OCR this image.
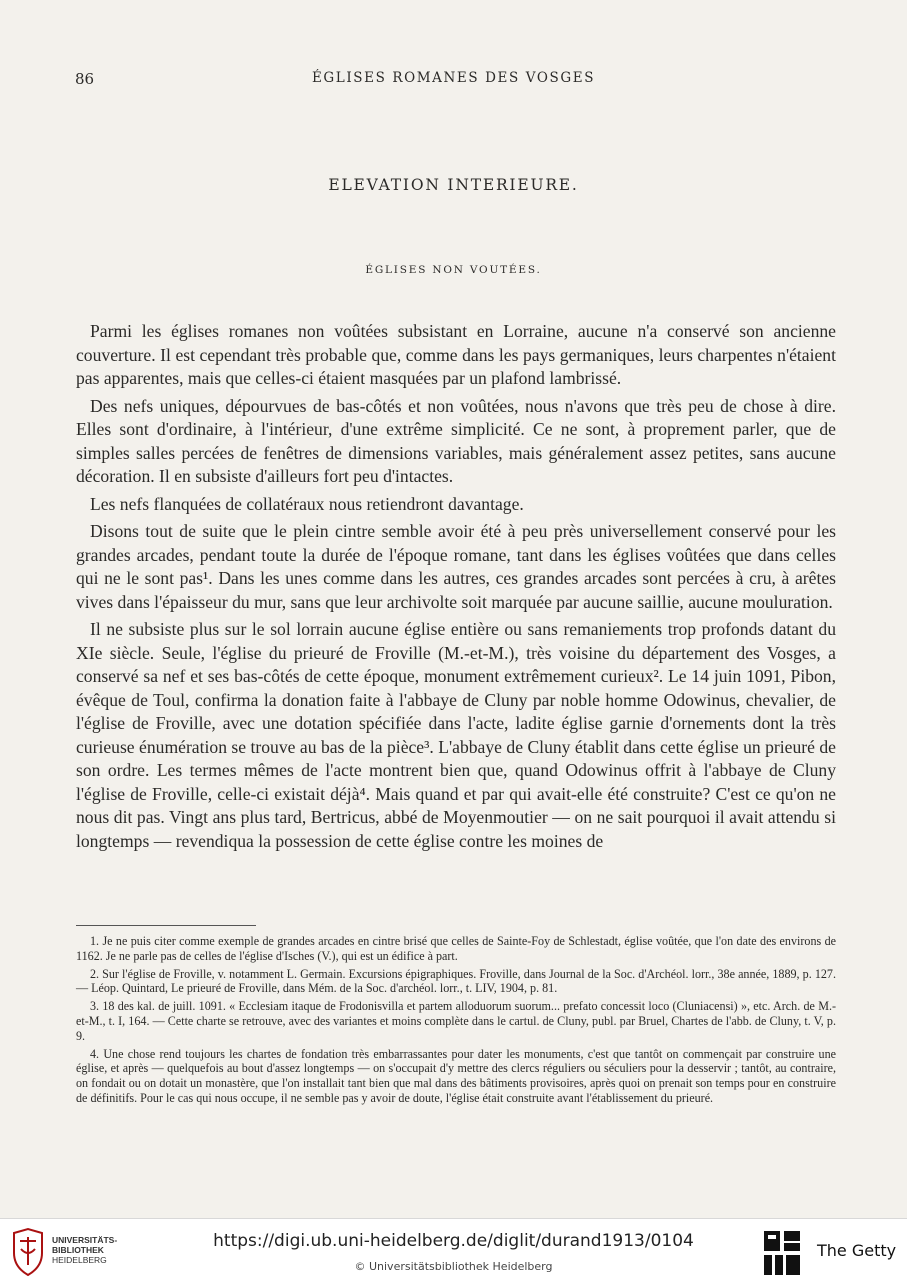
86	ÉGLISES ROMANES DES VOSGES
ELEVATION INTERIEURE.
ÉGLISES NON VOUTÉES.

Parmi les églises romanes non voûtées subsistant en Lorraine, aucune n'a conservé son ancienne couverture. Il est cependant très probable que, comme dans les pays germaniques, leurs charpentes n'étaient pas apparentes, mais que celles-ci étaient masquées par un plafond lambrissé.

Des nefs uniques, dépourvues de bas-côtés et non voûtées, nous n'avons que très peu de chose à dire. Elles sont d'ordinaire, à l'intérieur, d'une extrême simplicité. Ce ne sont, à proprement parler, que de simples salles percées de fenêtres de dimensions variables, mais généralement assez petites, sans aucune décoration. Il en subsiste d'ailleurs fort peu d'intactes.

Les nefs flanquées de collatéraux nous retiendront davantage.

Disons tout de suite que le plein cintre semble avoir été à peu près universellement conservé pour les grandes arcades, pendant toute la durée de l'époque romane, tant dans les églises voûtées que dans celles qui ne le sont pas¹. Dans les unes comme dans les autres, ces grandes arcades sont percées à cru, à arêtes vives dans l'épaisseur du mur, sans que leur archivolte soit marquée par aucune saillie, aucune mouluration.

Il ne subsiste plus sur le sol lorrain aucune église entière ou sans remaniements trop profonds datant du XIe siècle. Seule, l'église du prieuré de Froville (M.-et-M.), très voisine du département des Vosges, a conservé sa nef et ses bas-côtés de cette époque, monument extrêmement curieux². Le 14 juin 1091, Pibon, évêque de Toul, confirma la donation faite à l'abbaye de Cluny par noble homme Odowinus, chevalier, de l'église de Froville, avec une dotation spécifiée dans l'acte, ladite église garnie d'ornements dont la très curieuse énumération se trouve au bas de la pièce³. L'abbaye de Cluny établit dans cette église un prieuré de son ordre. Les termes mêmes de l'acte montrent bien que, quand Odowinus offrit à l'abbaye de Cluny l'église de Froville, celle-ci existait déjà⁴. Mais quand et par qui avait-elle été construite? C'est ce qu'on ne nous dit pas. Vingt ans plus tard, Bertricus, abbé de Moyenmoutier — on ne sait pourquoi il avait attendu si longtemps — revendiqua la possession de cette église contre les moines de

1. Je ne puis citer comme exemple de grandes arcades en cintre brisé que celles de Sainte-Foy de Schlestadt, église voûtée, que l'on date des environs de 1162. Je ne parle pas de celles de l'église d'Isches (V.), qui est un édifice à part.

2. Sur l'église de Froville, v. notamment L. Germain. Excursions épigraphiques. Froville, dans Journal de la Soc. d'Archéol. lorr., 38e année, 1889, p. 127. — Léop. Quintard, Le prieuré de Froville, dans Mém. de la Soc. d'archéol. lorr., t. LIV, 1904, p. 81.

3. 18 des kal. de juill. 1091. « Ecclesiam itaque de Frodonisvilla et partem alloduorum suorum... prefato concessit loco (Cluniacensi) », etc. Arch. de M.-et-M., t. I, 164. — Cette charte se retrouve, avec des variantes et moins complète dans le cartul. de Cluny, publ. par Bruel, Chartes de l'abb. de Cluny, t. V, p. 9.

4. Une chose rend toujours les chartes de fondation très embarrassantes pour dater les monuments, c'est que tantôt on commençait par construire une église, et après — quelquefois au bout d'assez longtemps — on s'occupait d'y mettre des clercs réguliers ou séculiers pour la desservir ; tantôt, au contraire, on fondait ou on dotait un monastère, que l'on installait tant bien que mal dans des bâtiments provisoires, après quoi on prenait son temps pour en construire de définitifs. Pour le cas qui nous occupe, il ne semble pas y avoir de doute, l'église était construite avant l'établissement du prieuré.

UNIVERSITÄTS-
BIBLIOTHEK
HEIDELBERG
https://digi.ub.uni-heidelberg.de/diglit/durand1913/0104
© Universitätsbibliothek Heidelberg
The Getty
